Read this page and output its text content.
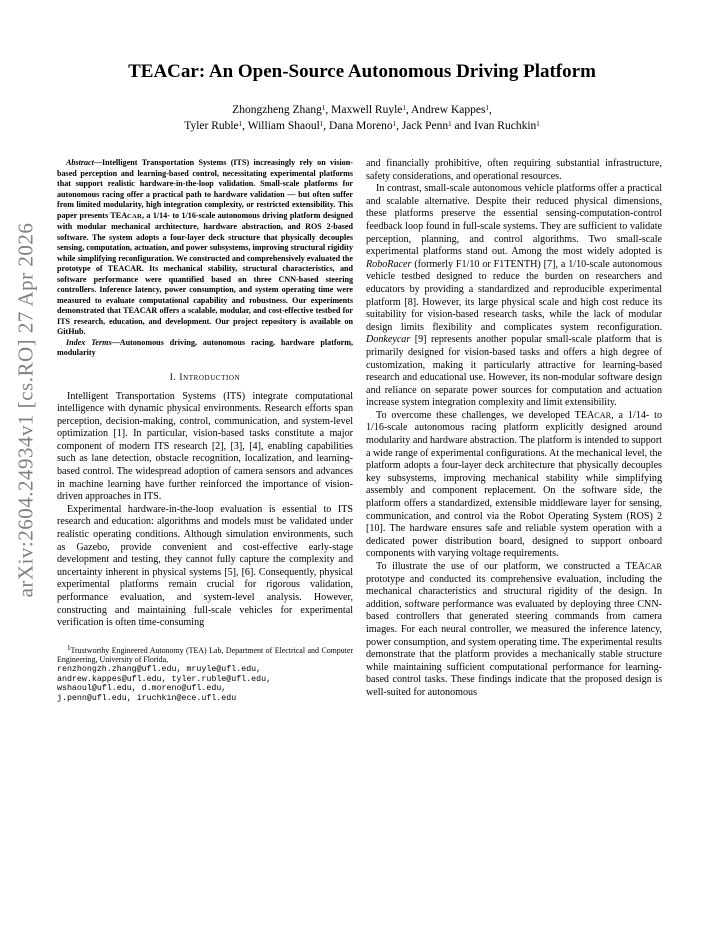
arXiv:2604.24934v1 [cs.RO] 27 Apr 2026
TEACar: An Open-Source Autonomous Driving Platform
Zhongzheng Zhang$^1$, Maxwell Ruyle$^1$, Andrew Kappes$^1$,
Tyler Ruble$^1$, William Shaoul$^1$, Dana Moreno$^1$, Jack Penn$^1$ and Ivan Ruchkin$^1$

Abstract—Intelligent Transportation Systems (ITS) increasingly rely on vision-based perception and learning-based control, necessitating experimental platforms that support realistic hardware-in-the-loop validation. Small-scale platforms for autonomous racing offer a practical path to hardware validation — but often suffer from limited modularity, high integration complexity, or restricted extensibility. This paper presents TEACAR, a 1/14- to 1/16-scale autonomous driving platform designed with modular mechanical architecture, hardware abstraction, and ROS 2-based software. The system adopts a four-layer deck structure that physically decouples sensing, computation, actuation, and power subsystems, improving structural rigidity while simplifying reconfiguration. We constructed and comprehensively evaluated the prototype of TEACAR. Its mechanical stability, structural characteristics, and software performance were quantified based on three CNN-based steering controllers. Inference latency, power consumption, and system operating time were measured to evaluate computational capability and robustness. Our experiments demonstrated that TEACAR offers a scalable, modular, and cost-effective testbed for ITS research, education, and development. Our project repository is available on GitHub.

Index Terms—Autonomous driving, autonomous racing, hardware platform, modularity

I. Introduction

Intelligent Transportation Systems (ITS) integrate computational intelligence with dynamic physical environments. Research efforts span perception, decision-making, control, communication, and system-level optimization [1]. In particular, vision-based tasks constitute a major component of modern ITS research [2], [3], [4], enabling capabilities such as lane detection, obstacle recognition, localization, and learning-based control. The widespread adoption of camera sensors and advances in machine learning have further reinforced the importance of vision-driven approaches in ITS.

Experimental hardware-in-the-loop evaluation is essential to ITS research and education: algorithms and models must be validated under realistic operating conditions. Although simulation environments, such as Gazebo, provide convenient and cost-effective early-stage development and testing, they cannot fully capture the complexity and uncertainty inherent in physical systems [5], [6]. Consequently, physical experimental platforms remain crucial for rigorous validation, performance evaluation, and system-level analysis. However, constructing and maintaining full-scale vehicles for experimental verification is often time-consuming

$^1$Trustworthy Engineered Autonomy (TEA) Lab, Department of Electrical and Computer Engineering, University of Florida,

renzhongzh.zhang@ufl.edu, mruyle@ufl.edu,
andrew.kappes@ufl.edu, tyler.ruble@ufl.edu,
wshaoul@ufl.edu, d.moreno@ufl.edu,
j.penn@ufl.edu, iruchkin@ece.ufl.edu

and financially prohibitive, often requiring substantial infrastructure, safety considerations, and operational resources.

In contrast, small-scale autonomous vehicle platforms offer a practical and scalable alternative. Despite their reduced physical dimensions, these platforms preserve the essential sensing-computation-control feedback loop found in full-scale systems. They are sufficient to validate perception, planning, and control algorithms. Two small-scale experimental platforms stand out. Among the most widely adopted is RoboRacer (formerly F1/10 or F1TENTH) [7], a 1/10-scale autonomous vehicle testbed designed to reduce the burden on researchers and educators by providing a standardized and reproducible experimental platform [8]. However, its large physical scale and high cost reduce its suitability for vision-based research tasks, while the lack of modular design limits flexibility and complicates system reconfiguration. Donkeycar [9] represents another popular small-scale platform that is primarily designed for vision-based tasks and offers a high degree of customization, making it particularly attractive for learning-based research and educational use. However, its non-modular software design and reliance on separate power sources for computation and actuation increase system integration complexity and limit extensibility.

To overcome these challenges, we developed TEACAR, a 1/14- to 1/16-scale autonomous racing platform explicitly designed around modularity and hardware abstraction. The platform is intended to support a wide range of experimental configurations. At the mechanical level, the platform adopts a four-layer deck architecture that physically decouples key subsystems, improving mechanical stability while simplifying assembly and component replacement. On the software side, the platform offers a standardized, extensible middleware layer for sensing, communication, and control via the Robot Operating System (ROS) 2 [10]. The hardware ensures safe and reliable system operation with a dedicated power distribution board, designed to support onboard components with varying voltage requirements.

To illustrate the use of our platform, we constructed a TEACAR prototype and conducted its comprehensive evaluation, including the mechanical characteristics and structural rigidity of the design. In addition, software performance was evaluated by deploying three CNN-based controllers that generated steering commands from camera images. For each neural controller, we measured the inference latency, power consumption, and system operating time. The experimental results demonstrate that the platform provides a mechanically stable structure while maintaining sufficient computational performance for learning-based control tasks. These findings indicate that the proposed design is well-suited for autonomous
